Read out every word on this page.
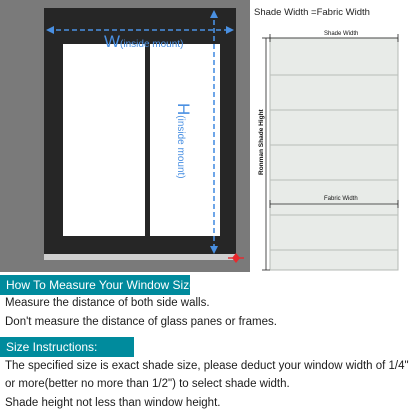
W(inside mount)
H(inside mount)
Shade Width =Fabric Width
Shade Width
Fabric Width
Ronman Shade Hight
How To Measure Your Window Size:
Measure the distance of both side walls.
Don't measure the distance of glass panes or frames.
Size Instructions:
The specified size is exact shade size, please deduct your window width of 1/4"
or more(better no more than 1/2") to select shade width.
Shade height not less than window height.
